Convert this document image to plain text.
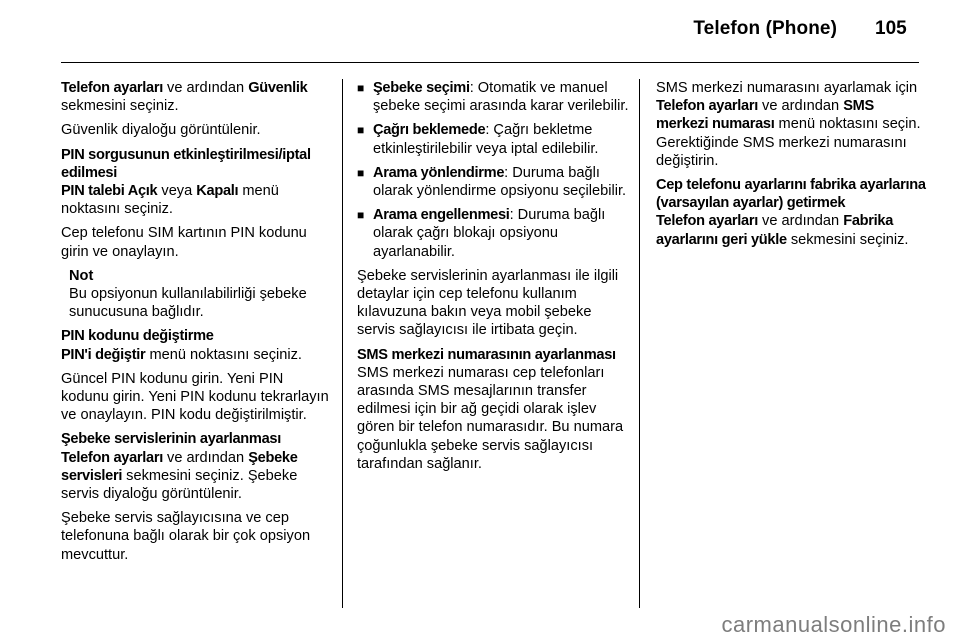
Telefon (Phone) 105

Telefon ayarları ve ardından Güvenlik sekmesini seçiniz.

Güvenlik diyaloğu görüntülenir.

PIN sorgusunun etkinleştirilmesi/iptal edilmesi
PIN talebi Açık veya Kapalı menü noktasını seçiniz.

Cep telefonu SIM kartının PIN kodunu girin ve onaylayın.

Not
Bu opsiyonun kullanılabilirliği şebeke sunucusuna bağlıdır.

PIN kodunu değiştirme
PIN'i değiştir menü noktasını seçiniz.

Güncel PIN kodunu girin. Yeni PIN kodunu girin. Yeni PIN kodunu tekrarlayın ve onaylayın. PIN kodu değiştirilmiştir.

Şebeke servislerinin ayarlanması
Telefon ayarları ve ardından Şebeke servisleri sekmesini seçiniz. Şebeke servis diyaloğu görüntülenir.

Şebeke servis sağlayıcısına ve cep telefonuna bağlı olarak bir çok opsiyon mevcuttur.

■ Şebeke seçimi: Otomatik ve manuel şebeke seçimi arasında karar verilebilir.
■ Çağrı beklemede: Çağrı bekletme etkinleştirilebilir veya iptal edilebilir.
■ Arama yönlendirme: Duruma bağlı olarak yönlendirme opsiyonu seçilebilir.
■ Arama engellenmesi: Duruma bağlı olarak çağrı blokajı opsiyonu ayarlanabilir.

Şebeke servislerinin ayarlanması ile ilgili detaylar için cep telefonu kullanım kılavuzuna bakın veya mobil şebeke servis sağlayıcısı ile irtibata geçin.

SMS merkezi numarasının ayarlanması
SMS merkezi numarası cep telefonları arasında SMS mesajlarının transfer edilmesi için bir ağ geçidi olarak işlev gören bir telefon numarasıdır. Bu numara çoğunlukla şebeke servis sağlayıcısı tarafından sağlanır.

SMS merkezi numarasını ayarlamak için Telefon ayarları ve ardından SMS merkezi numarası menü noktasını seçin. Gerektiğinde SMS merkezi numarasını değiştirin.

Cep telefonu ayarlarını fabrika ayarlarına (varsayılan ayarlar) getirmek
Telefon ayarları ve ardından Fabrika ayarlarını geri yükle sekmesini seçiniz.

carmanualsonline.info
